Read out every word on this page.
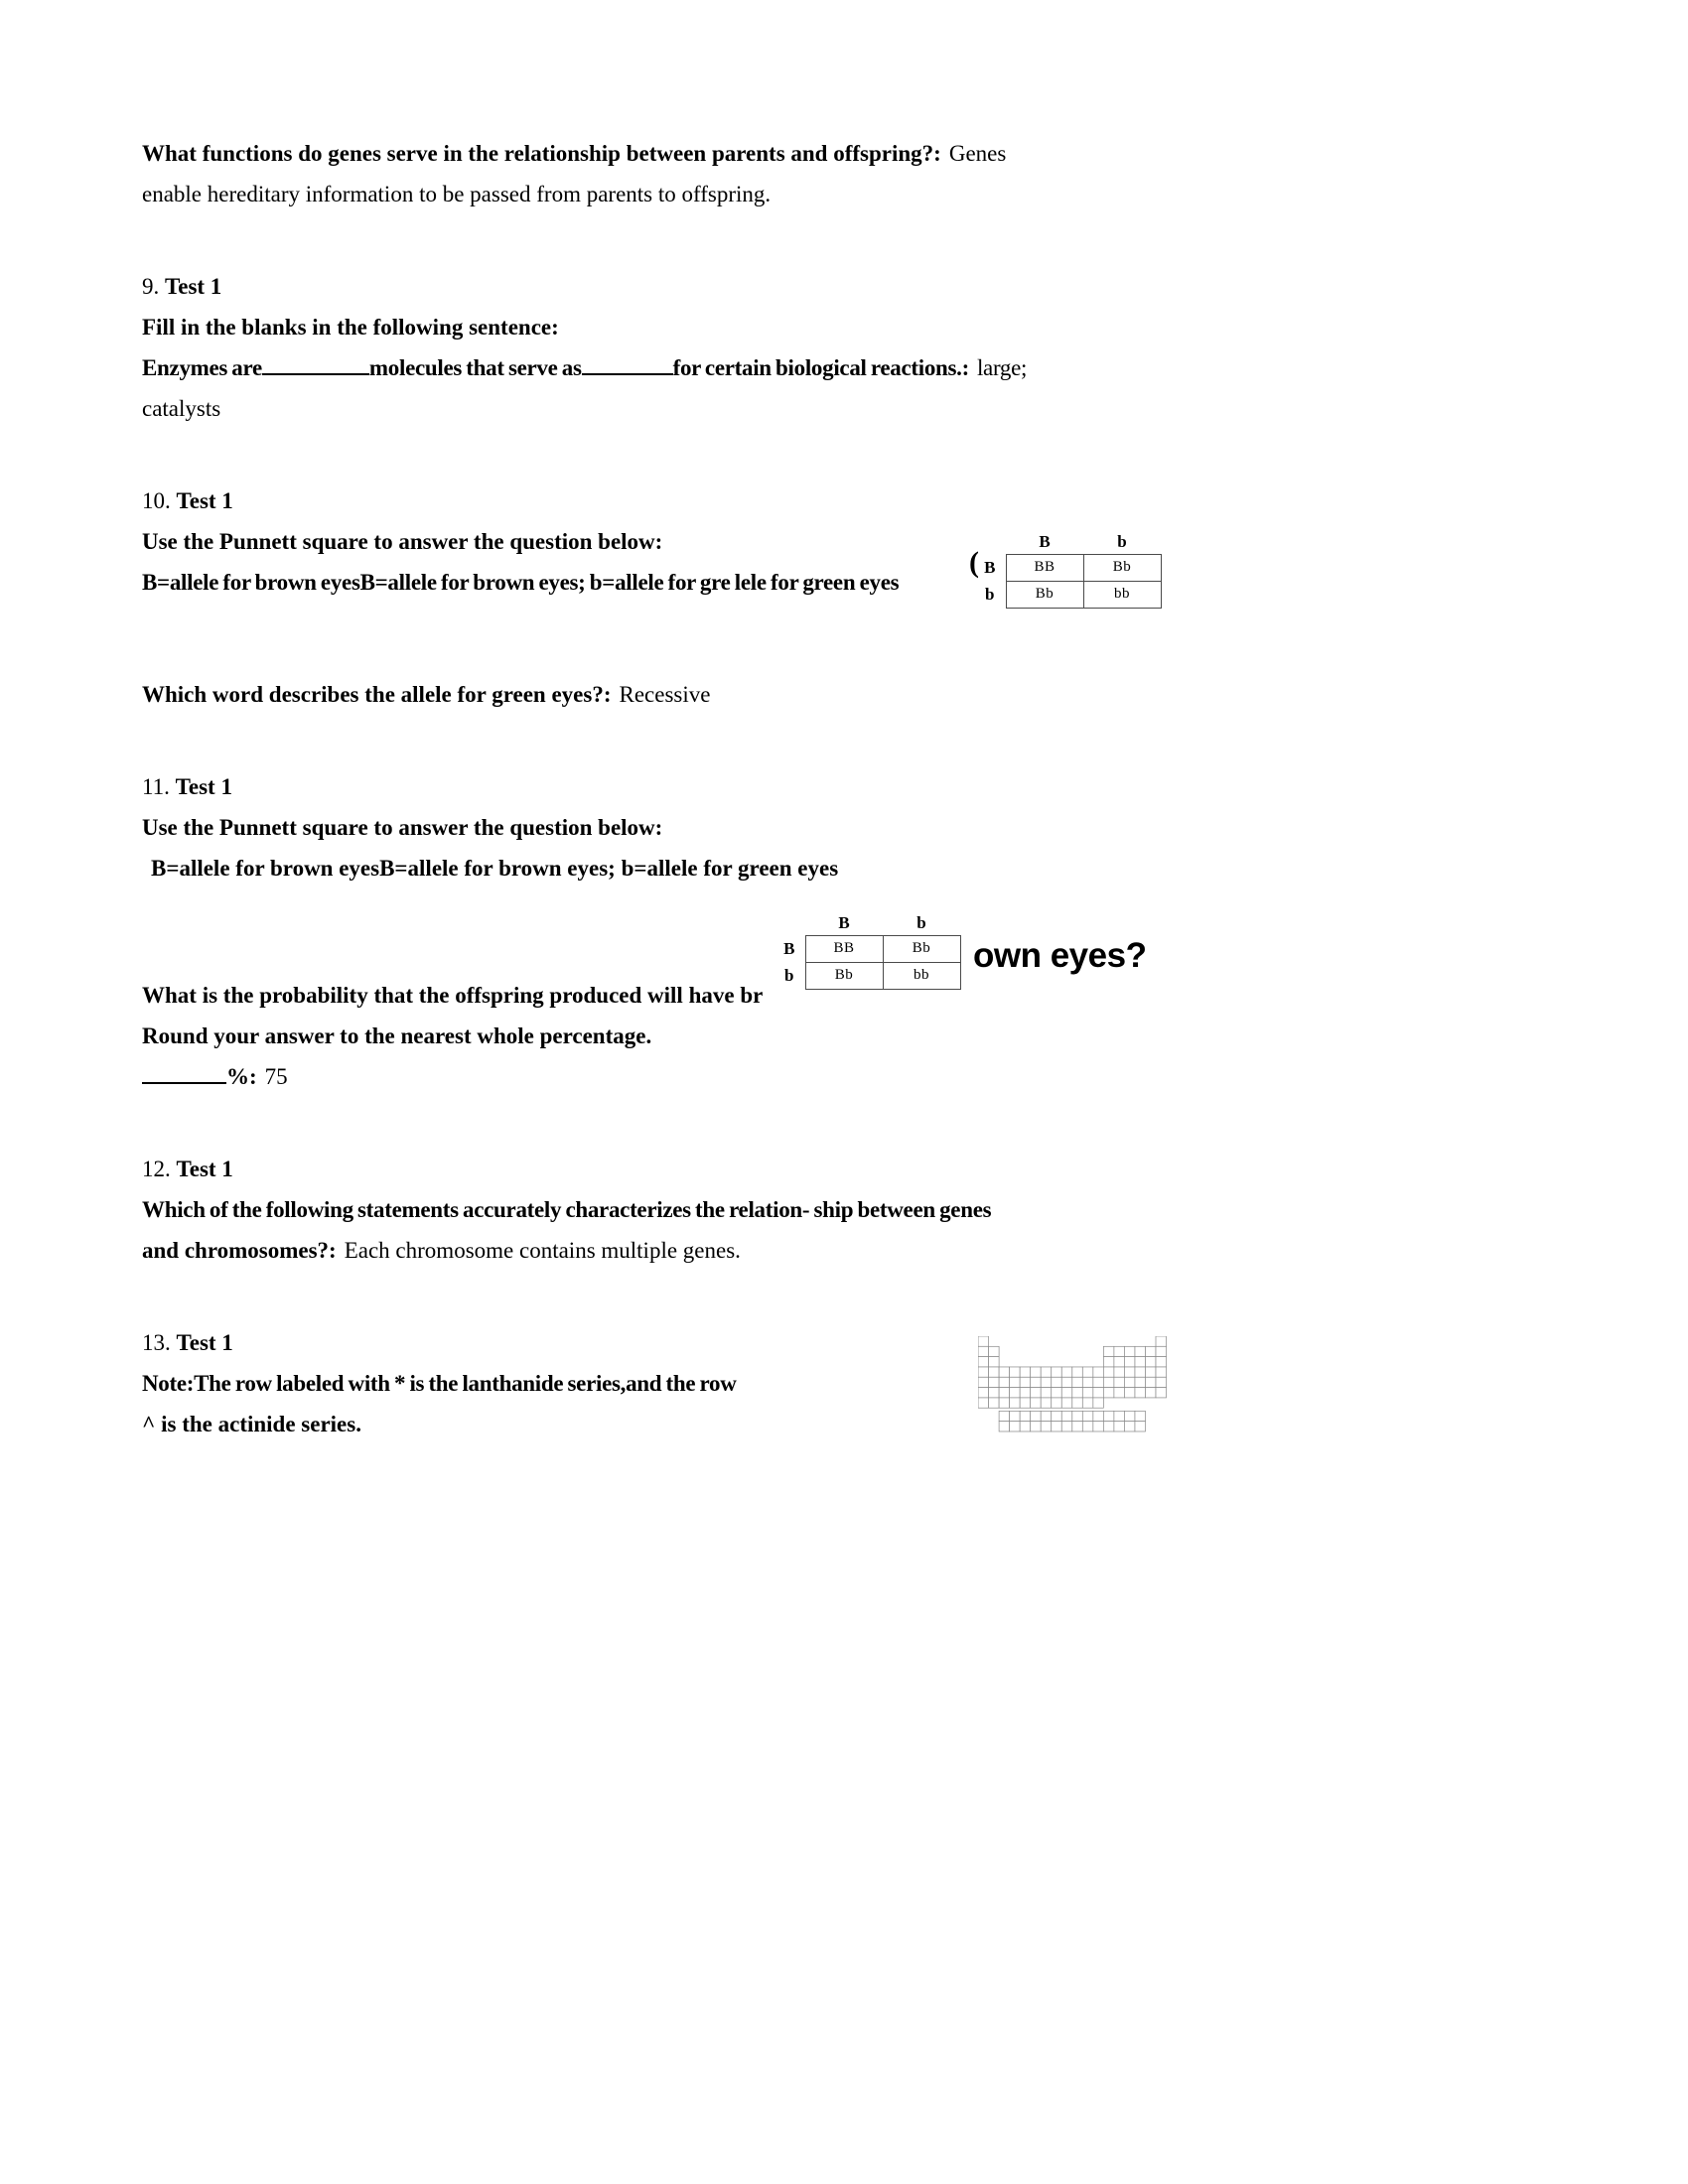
What functions do genes serve in the relationship between parents and offspring?: Genes
enable hereditary information to be passed from parents to offspring.
9. Test 1
Fill in the blanks in the following sentence:
Enzymes are	molecules that serve as	for certain biological reactions.: large;
catalysts
10. Test 1
Use the Punnett square to answer the question below:
B=allele for brown eyesB=allele for brown eyes; b=allele for gre lele for green eyes
Which word describes the allele for green eyes?: Recessive
11. Test 1
Use the Punnett square to answer the question below:
B=allele for brown eyesB=allele for brown eyes; b=allele for green eyes
What is the probability that the offspring produced will have br
Round your answer to the nearest whole percentage.
%: 75
12. Test 1
Which of the following statements accurately characterizes the relation- ship between genes
and chromosomes?: Each chromosome contains multiple genes.
13. Test 1
Note:The row labeled with * is the lanthanide series,and the row
^ is the actinide series.
(
	B	b
B	BB	Bb
b	Bb	bb
	B	b
B	BB	Bb
b	Bb	bb own eyes?
